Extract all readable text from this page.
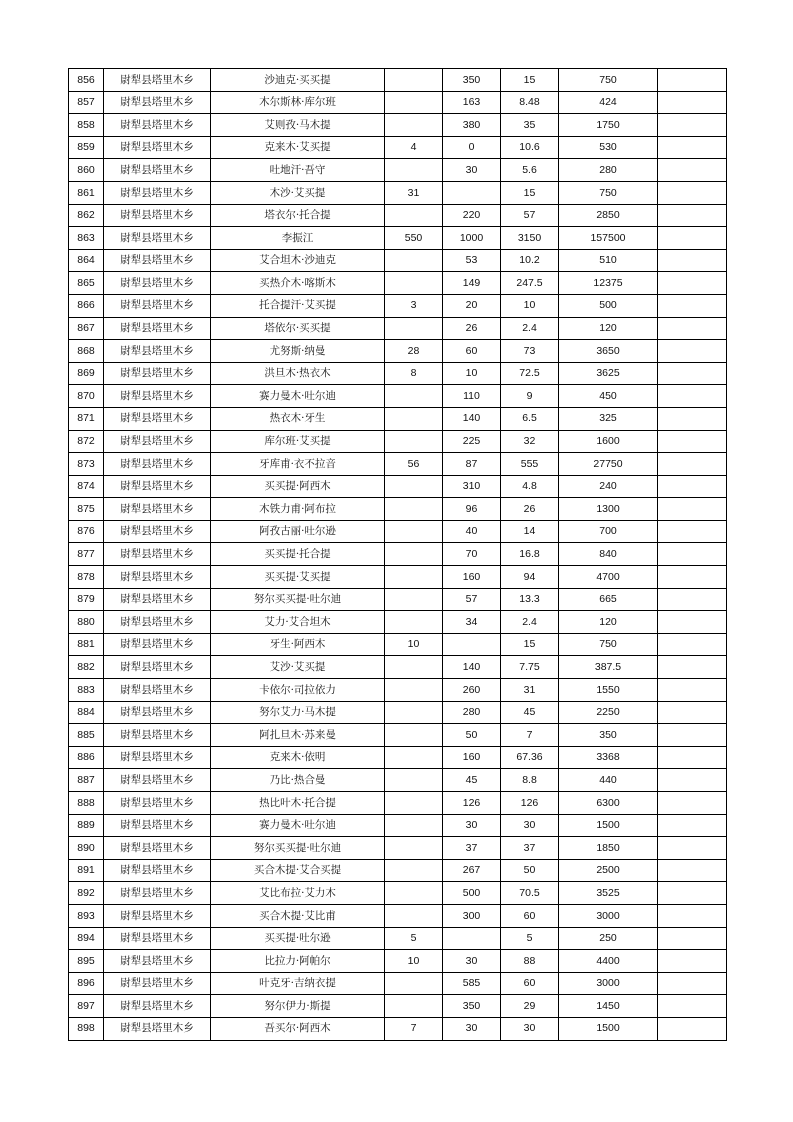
856	尉犁县塔里木乡	沙迪克·买买提		350	15	750	
857	尉犁县塔里木乡	木尔斯林·库尔班		163	8.48	424	
858	尉犁县塔里木乡	艾则孜·马木提		380	35	1750	
859	尉犁县塔里木乡	克来木·艾买提	4	0	10.6	530	
860	尉犁县塔里木乡	吐地汗·吾守		30	5.6	280	
861	尉犁县塔里木乡	木沙·艾买提	31		15	750	
862	尉犁县塔里木乡	塔衣尔·托合提		220	57	2850	
863	尉犁县塔里木乡	李振江	550	1000	3150	157500	
864	尉犁县塔里木乡	艾合坦木·沙迪克		53	10.2	510	
865	尉犁县塔里木乡	买热介木·喀斯木		149	247.5	12375	
866	尉犁县塔里木乡	托合提汗·艾买提	3	20	10	500	
867	尉犁县塔里木乡	塔依尔·买买提		26	2.4	120	
868	尉犁县塔里木乡	尤努斯·纳曼	28	60	73	3650	
869	尉犁县塔里木乡	洪旦木·热衣木	8	10	72.5	3625	
870	尉犁县塔里木乡	赛力曼木·吐尔迪		110	9	450	
871	尉犁县塔里木乡	热衣木·牙生		140	6.5	325	
872	尉犁县塔里木乡	库尔班·艾买提		225	32	1600	
873	尉犁县塔里木乡	牙库甫·衣不拉音	56	87	555	27750	
874	尉犁县塔里木乡	买买提·阿西木		310	4.8	240	
875	尉犁县塔里木乡	木铁力甫·阿布拉		96	26	1300	
876	尉犁县塔里木乡	阿孜古丽·吐尔逊		40	14	700	
877	尉犁县塔里木乡	买买提·托合提		70	16.8	840	
878	尉犁县塔里木乡	买买提·艾买提		160	94	4700	
879	尉犁县塔里木乡	努尔买买提·吐尔迪		57	13.3	665	
880	尉犁县塔里木乡	艾力·艾合坦木		34	2.4	120	
881	尉犁县塔里木乡	牙生·阿西木	10		15	750	
882	尉犁县塔里木乡	艾沙·艾买提		140	7.75	387.5	
883	尉犁县塔里木乡	卡依尔·司拉依力		260	31	1550	
884	尉犁县塔里木乡	努尔艾力·马木提		280	45	2250	
885	尉犁县塔里木乡	阿扎旦木·苏来曼		50	7	350	
886	尉犁县塔里木乡	克来木·依明		160	67.36	3368	
887	尉犁县塔里木乡	乃比·热合曼		45	8.8	440	
888	尉犁县塔里木乡	热比叶木·托合提		126	126	6300	
889	尉犁县塔里木乡	赛力曼木·吐尔迪		30	30	1500	
890	尉犁县塔里木乡	努尔买买提·吐尔迪		37	37	1850	
891	尉犁县塔里木乡	买合木提·艾合买提		267	50	2500	
892	尉犁县塔里木乡	艾比布拉·艾力木		500	70.5	3525	
893	尉犁县塔里木乡	买合木提·艾比甫		300	60	3000	
894	尉犁县塔里木乡	买买提·吐尔逊	5		5	250	
895	尉犁县塔里木乡	比拉力·阿帕尔	10	30	88	4400	
896	尉犁县塔里木乡	叶克牙·吉纳衣提		585	60	3000	
897	尉犁县塔里木乡	努尔伊力·斯提		350	29	1450	
898	尉犁县塔里木乡	吾买尔·阿西木	7	30	30	1500	
